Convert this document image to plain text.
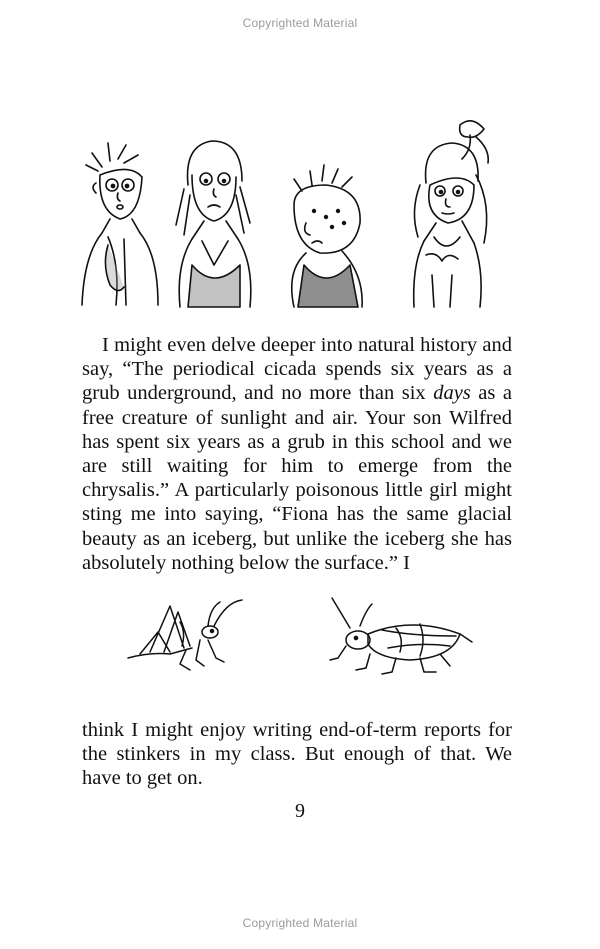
Copyrighted Material

I might even delve deeper into natural history and say, “The periodical cicada spends six years as a grub underground, and no more than six days as a free creature of sunlight and air. Your son Wilfred has spent six years as a grub in this school and we are still waiting for him to emerge from the chrysalis.” A particularly poisonous little girl might sting me into saying, “Fiona has the same glacial beauty as an iceberg, but unlike the iceberg she has absolutely nothing below the surface.” I

think I might enjoy writing end-of-term reports for the stinkers in my class. But enough of that. We have to get on.

9
Copyrighted Material
